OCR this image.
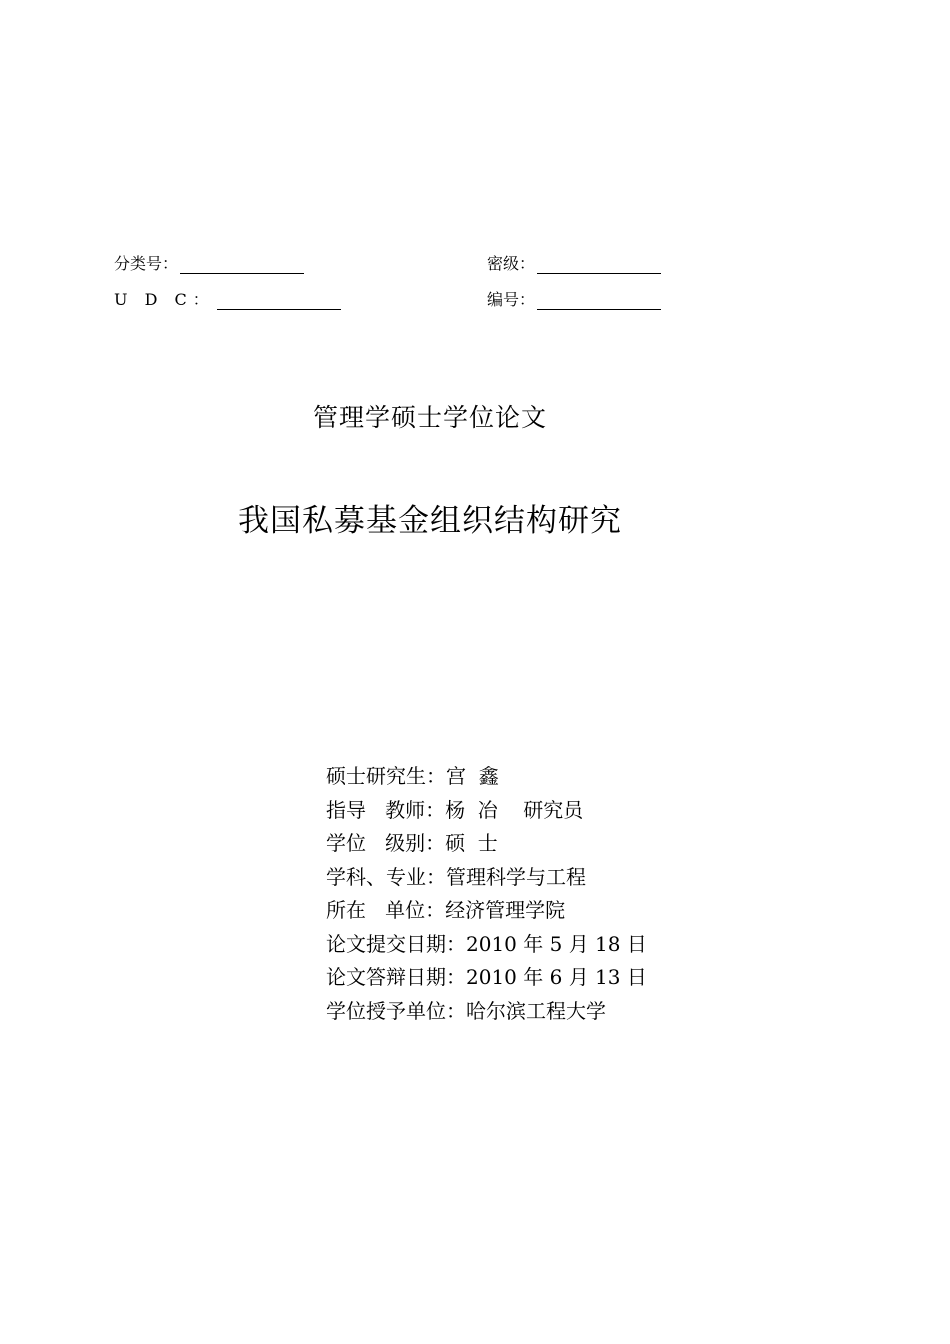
分类号：	密级：
U D C：	编号：
管理学硕士学位论文
我国私募基金组织结构研究
硕士研究生：宫  鑫
指导   教师：杨  冶    研究员
学位   级别：硕  士
学科、专业：管理科学与工程
所在   单位：经济管理学院
论文提交日期：2010 年 5 月 18 日
论文答辩日期：2010 年 6 月 13 日
学位授予单位：哈尔滨工程大学
